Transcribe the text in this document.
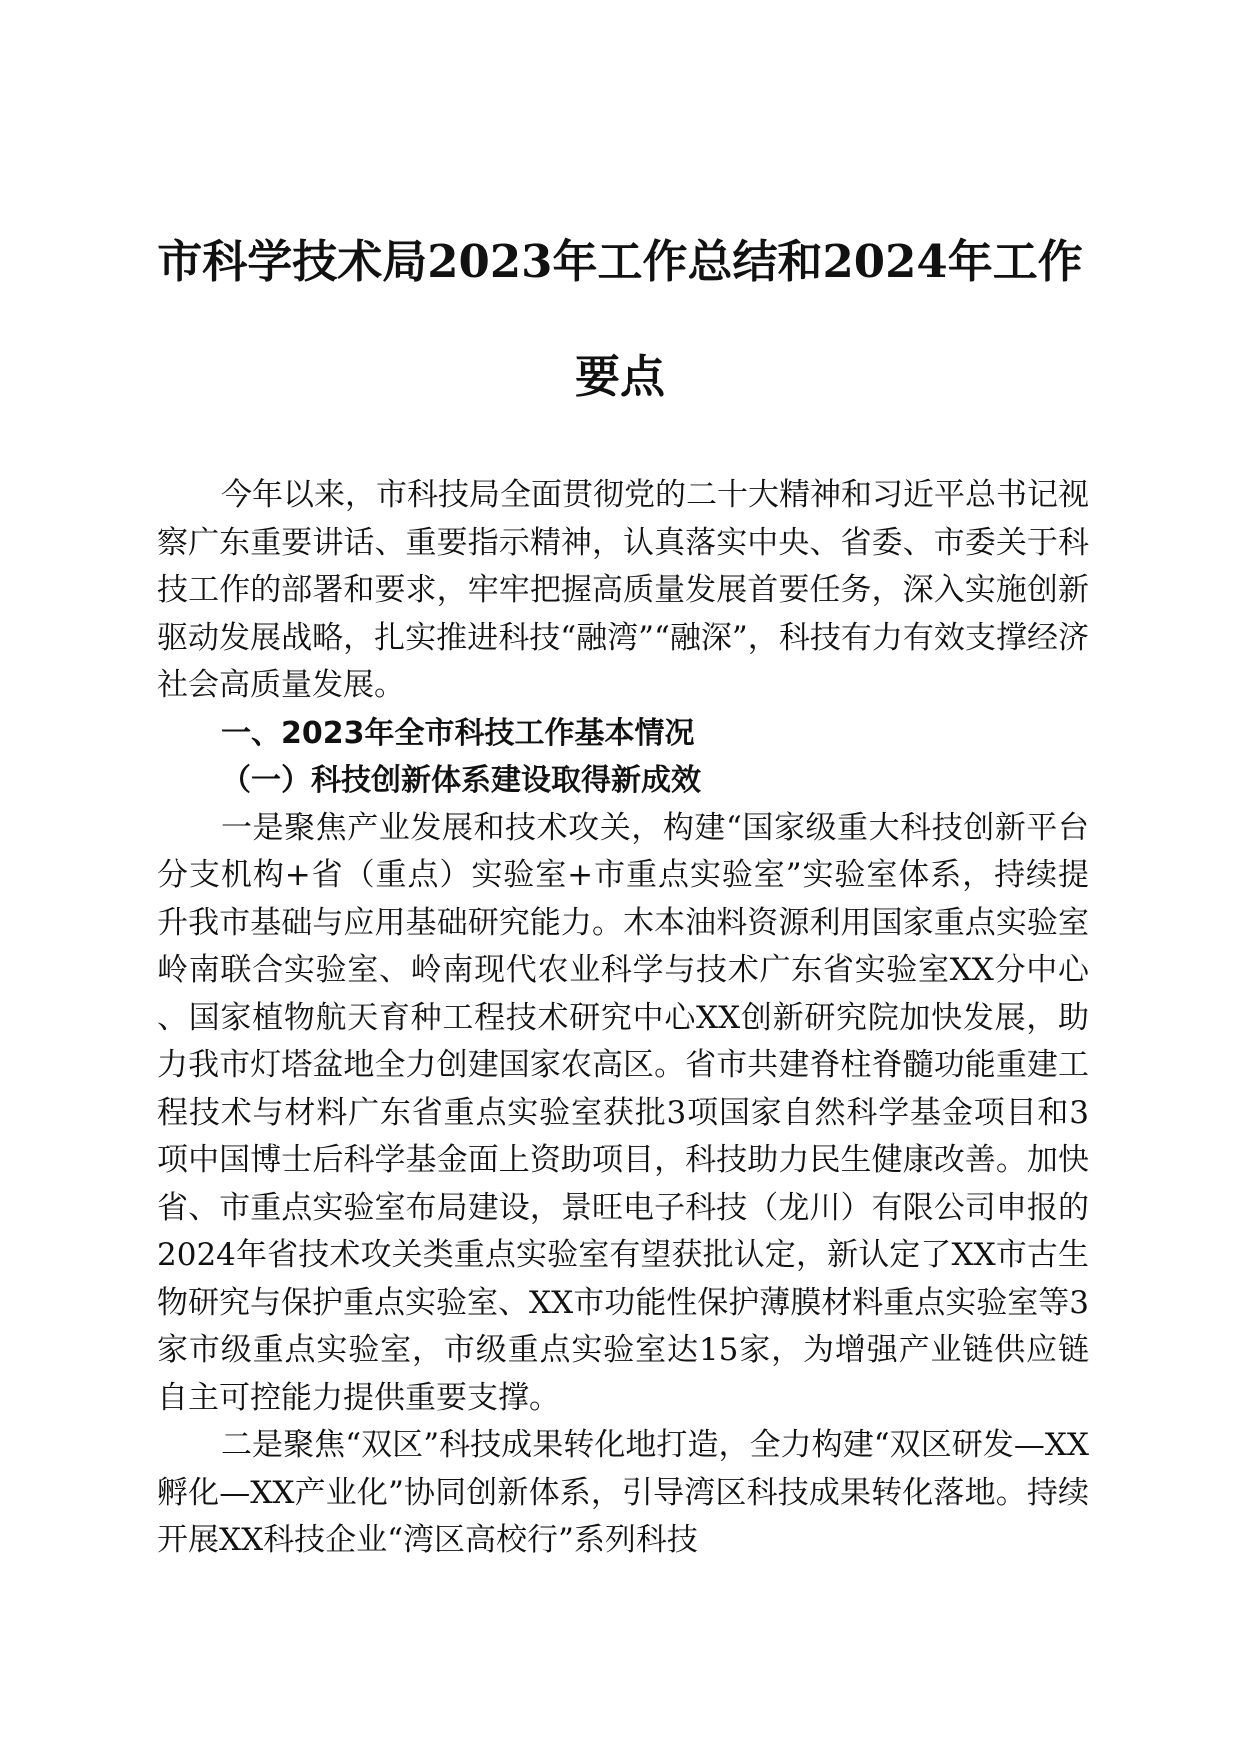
市科学技术局2023年工作总结和2024年工作
要点

今年以来，市科技局全面贯彻党的二十大精神和习近平总书记视察广东重要讲话、重要指示精神，认真落实中央、省委、市委关于科技工作的部署和要求，牢牢把握高质量发展首要任务，深入实施创新驱动发展战略，扎实推进科技“融湾”“融深”，科技有力有效支撑经济社会高质量发展。

一、2023年全市科技工作基本情况

（一）科技创新体系建设取得新成效

一是聚焦产业发展和技术攻关，构建“国家级重大科技创新平台分支机构+省（重点）实验室+市重点实验室”实验室体系，持续提升我市基础与应用基础研究能力。木本油料资源利用国家重点实验室岭南联合实验室、岭南现代农业科学与技术广东省实验室XX分中心、国家植物航天育种工程技术研究中心XX创新研究院加快发展，助力我市灯塔盆地全力创建国家农高区。省市共建脊柱脊髓功能重建工程技术与材料广东省重点实验室获批3项国家自然科学基金项目和3项中国博士后科学基金面上资助项目，科技助力民生健康改善。加快省、市重点实验室布局建设，景旺电子科技（龙川）有限公司申报的2024年省技术攻关类重点实验室有望获批认定，新认定了XX市古生物研究与保护重点实验室、XX市功能性保护薄膜材料重点实验室等3家市级重点实验室，市级重点实验室达15家，为增强产业链供应链自主可控能力提供重要支撑。

二是聚焦“双区”科技成果转化地打造，全力构建“双区研发—XX孵化—XX产业化”协同创新体系，引导湾区科技成果转化落地。持续开展XX科技企业“湾区高校行”系列科技
